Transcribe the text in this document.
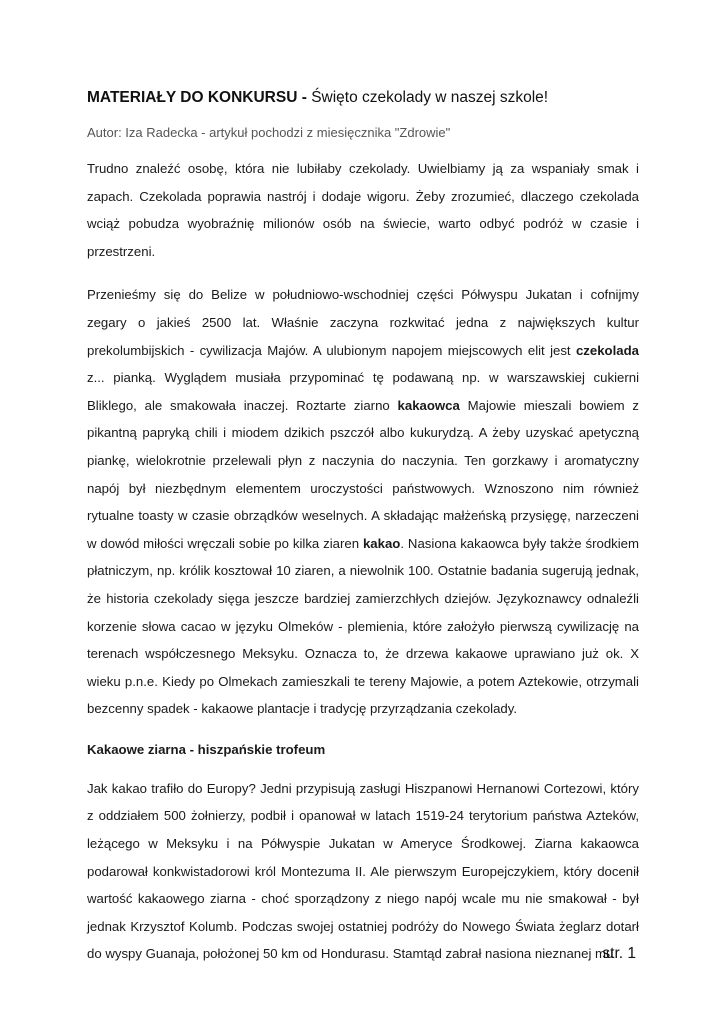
MATERIAŁY DO KONKURSU - Święto czekolady w naszej szkole!

Autor: Iza Radecka - artykuł pochodzi z miesięcznika "Zdrowie"

Trudno znaleźć osobę, która nie lubiłaby czekolady. Uwielbiamy ją za wspaniały smak i zapach. Czekolada poprawia nastrój i dodaje wigoru. Żeby zrozumieć, dlaczego czekolada wciąż pobudza wyobraźnię milionów osób na świecie, warto odbyć podróż w czasie i przestrzeni.

Przenieśmy się do Belize w południowo-wschodniej części Półwyspu Jukatan i cofnijmy zegary o jakieś 2500 lat. Właśnie zaczyna rozkwitać jedna z największych kultur prekolumbijskich - cywilizacja Majów. A ulubionym napojem miejscowych elit jest czekolada z... pianką. Wyglądem musiała przypominać tę podawaną np. w warszawskiej cukierni Bliklego, ale smakowała inaczej. Roztarte ziarno kakaowca Majowie mieszali bowiem z pikantną papryką chili i miodem dzikich pszczół albo kukurydzą. A żeby uzyskać apetyczną piankę, wielokrotnie przelewali płyn z naczynia do naczynia. Ten gorzkawy i aromatyczny napój był niezbędnym elementem uroczystości państwowych. Wznoszono nim również rytualne toasty w czasie obrządków weselnych. A składając małżeńską przysięgę, narzeczeni w dowód miłości wręczali sobie po kilka ziaren kakao. Nasiona kakaowca były także środkiem płatniczym, np. królik kosztował 10 ziaren, a niewolnik 100. Ostatnie badania sugerują jednak, że historia czekolady sięga jeszcze bardziej zamierzchłych dziejów. Językoznawcy odnaleźli korzenie słowa cacao w języku Olmeków - plemienia, które założyło pierwszą cywilizację na terenach współczesnego Meksyku. Oznacza to, że drzewa kakaowe uprawiano już ok. X wieku p.n.e. Kiedy po Olmekach zamieszkali te tereny Majowie, a potem Aztekowie, otrzymali bezcenny spadek - kakaowe plantacje i tradycję przyrządzania czekolady.

Kakaowe ziarna - hiszpańskie trofeum

Jak kakao trafiło do Europy? Jedni przypisują zasługi Hiszpanowi Hernanowi Cortezowi, który z oddziałem 500 żołnierzy, podbił i opanował w latach 1519-24 terytorium państwa Azteków, leżącego w Meksyku i na Półwyspie Jukatan w Ameryce Środkowej. Ziarna kakaowca podarował konkwistadorowi król Montezuma II. Ale pierwszym Europejczykiem, który docenił wartość kakaowego ziarna - choć sporządzony z niego napój wcale mu nie smakował - był jednak Krzysztof Kolumb. Podczas swojej ostatniej podróży do Nowego Świata żeglarz dotarł do wyspy Guanaja, położonej 50 km od Hondurasu. Stamtąd zabrał nasiona nieznanej mu

str. 1
